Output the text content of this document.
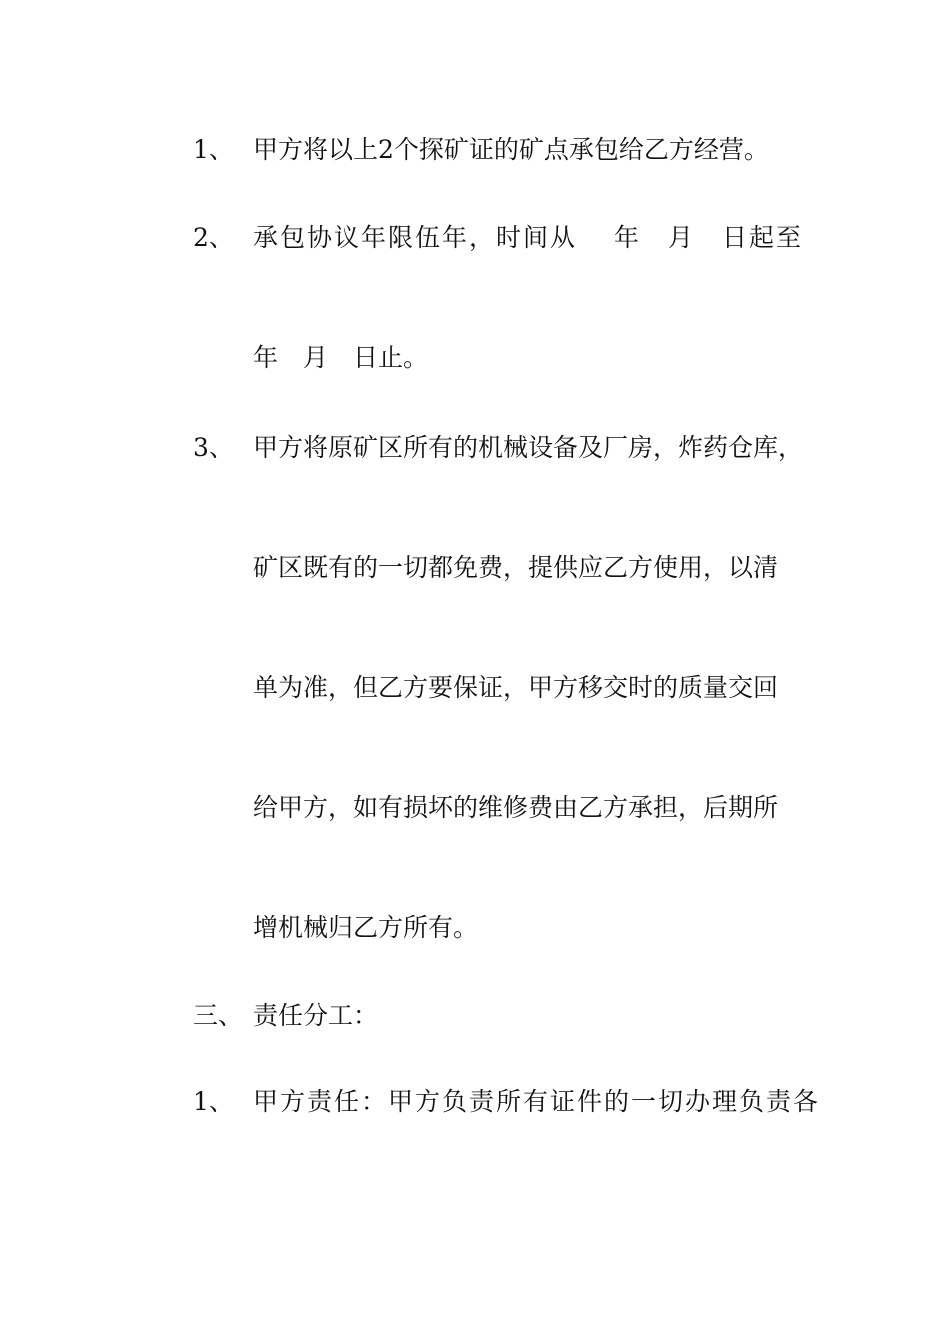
1、 甲方将以上2个探矿证的矿点承包给乙方经营。
2、 承包协议年限伍年，时间从　 年　月　日起至
年　月　日止。
3、 甲方将原矿区所有的机械设备及厂房，炸药仓库，
矿区既有的一切都免费，提供应乙方使用，以清
单为准，但乙方要保证，甲方移交时的质量交回
给甲方，如有损坏的维修费由乙方承担，后期所
增机械归乙方所有。
三、 责任分工：
1、 甲方责任：甲方负责所有证件的一切办理负责各
